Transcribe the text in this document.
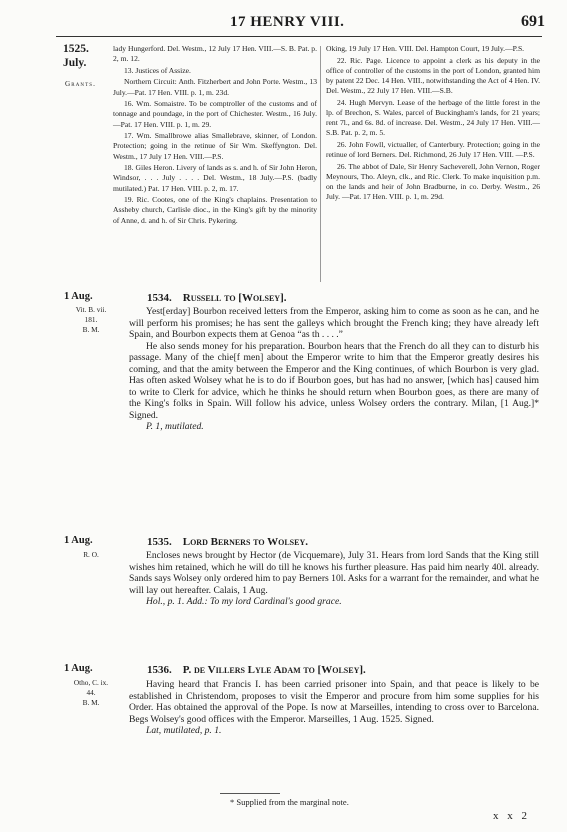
17 HENRY VIII.	691
1525.
July.
Grants.

lady Hungerford. Del. Westm., 12 July 17 Hen. VIII.—S. B. Pat. p. 2, m. 12.

13. Justices of Assize.

Northern Circuit: Anth. Fitzherbert and John Porte. Westm., 13 July.—Pat. 17 Hen. VIII. p. 1, m. 23d.

16. Wm. Somaistre. To be comptroller of the customs and of tonnage and poundage, in the port of Chichester. Westm., 16 July.—Pat. 17 Hen. VIII. p. 1, m. 29.

17. Wm. Smallbrowe alias Smallebrave, skinner, of London. Protection; going in the retinue of Sir Wm. Skeffyngton. Del. Westm., 17 July 17 Hen. VIII.—P.S.

18. Giles Heron. Livery of lands as s. and h. of Sir John Heron, Windsor, . . . July . . . . Del. Westm., 18 July.—P.S. (badly mutilated.) Pat. 17 Hen. VIII. p. 2, m. 17.

19. Ric. Cootes, one of the King's chaplains. Presentation to Assheby church, Carlisle dioc., in the King's gift by the minority of Anne, d. and h. of Sir Chris. Pykering.

Oking, 19 July 17 Hen. VIII. Del. Hampton Court, 19 July.—P.S.

22. Ric. Page. Licence to appoint a clerk as his deputy in the office of controller of the customs in the port of London, granted him by patent 22 Dec. 14 Hen. VIII., notwithstanding the Act of 4 Hen. IV. Del. Westm., 22 July 17 Hen. VIII.—S.B.

24. Hugh Mervyn. Lease of the herbage of the little forest in the lp. of Brechon, S. Wales, parcel of Buckingham's lands, for 21 years; rent 7l., and 6s. 8d. of increase. Del. Westm., 24 July 17 Hen. VIII.—S.B. Pat. p. 2, m. 5.

26. John Fowll, victualler, of Canterbury. Protection; going in the retinue of lord Berners. Del. Richmond, 26 July 17 Hen. VIII. —P.S.

26. The abbot of Dale, Sir Henry Sacheverell, John Vernon, Roger Meynours, Tho. Aleyn, clk., and Ric. Clerk. To make inquisition p.m. on the lands and heir of John Bradburne, in co. Derby. Westm., 26 July. —Pat. 17 Hen. VIII. p. 1, m. 29d.

1 Aug.
Vit. B. vii.
181.
B. M.
1534. Russell to [Wolsey].

Yest[erday] Bourbon received letters from the Emperor, asking him to come as soon as he can, and he will perform his promises; he has sent the galleys which brought the French king; they have already left Spain, and Bourbon expects them at Genoa “as th . . . .”

He also sends money for his preparation. Bourbon hears that the French do all they can to disturb his passage. Many of the chie[f men] about the Emperor write to him that the Emperor greatly desires his coming, and that the amity between the Emperor and the King continues, of which Bourbon is very glad. Has often asked Wolsey what he is to do if Bourbon goes, but has had no answer, [which has] caused him to write to Clerk for advice, which he thinks he should return when Bourbon goes, as there are many of the King's folks in Spain. Will follow his advice, unless Wolsey orders the contrary. Milan, [1 Aug.]* Signed.

P. 1, mutilated.

1 Aug.
R. O.
1535. Lord Berners to Wolsey.

Encloses news brought by Hector (de Vicquemare), July 31. Hears from lord Sands that the King still wishes him retained, which he will do till he knows his further pleasure. Has paid him nearly 40l. already. Sands says Wolsey only ordered him to pay Berners 10l. Asks for a warrant for the remainder, and what he will lay out hereafter. Calais, 1 Aug.

Hol., p. 1. Add.: To my lord Cardinal's good grace.

1 Aug.
Otho, C. ix.
44.
B. M.
1536. P. de Villers Lyle Adam to [Wolsey].

Having heard that Francis I. has been carried prisoner into Spain, and that peace is likely to be established in Christendom, proposes to visit the Emperor and procure from him some supplies for his Order. Has obtained the approval of the Pope. Is now at Marseilles, intending to cross over to Barcelona. Begs Wolsey's good offices with the Emperor. Marseilles, 1 Aug. 1525. Signed.

Lat, mutilated, p. 1.

* Supplied from the marginal note.
x x 2
